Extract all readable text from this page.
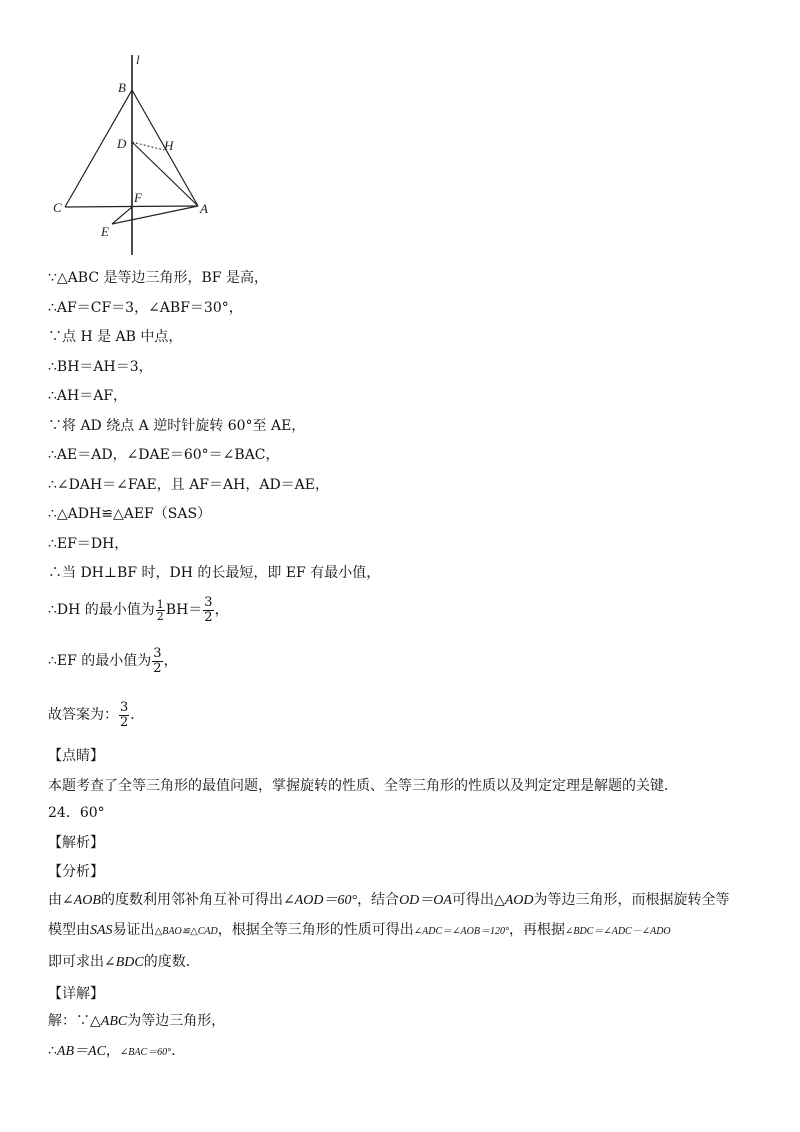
l
B
D	H
C
F
A
E
∵△ABC 是等边三角形，BF 是高，
∴AF＝CF＝3，∠ABF＝30°，
∵点 H 是 AB 中点，
∴BH＝AH＝3，
∴AH＝AF，
∵将 AD 绕点 A 逆时针旋转 60°至 AE，
∴AE＝AD，∠DAE＝60°＝∠BAC，
∴∠DAH＝∠FAE，且 AF＝AH，AD＝AE，
∴△ADH≌△AEF（SAS）
∴EF＝DH，
∴当 DH⊥BF 时，DH 的长最短，即 EF 有最小值，
∴DH 的最小值为 $\frac{1}{2} BH= \frac{3}{2}$ ，
∴EF 的最小值为 $\frac{3}{2}$ ，
故答案为： $\frac{3}{2}$ ．
【点睛】
本题考查了全等三角形的最值问题，掌握旋转的性质、全等三角形的性质以及判定定理是解题的关键．
24．60°
【解析】
【分析】
由∠AOB的度数利用邻补角互补可得出∠AOD＝60°，结合OD＝OA可得出△AOD为等边三角形，而根据旋转全等
模型由SAS易证出△BAO≌△CAD，根据全等三角形的性质可得出∠ADC＝∠AOB＝120°，再根据∠BDC＝∠ADC－∠ADO
即可求出∠BDC的度数．
【详解】
解：∵△ABC为等边三角形，
∴AB＝AC，∠BAC＝60°．
